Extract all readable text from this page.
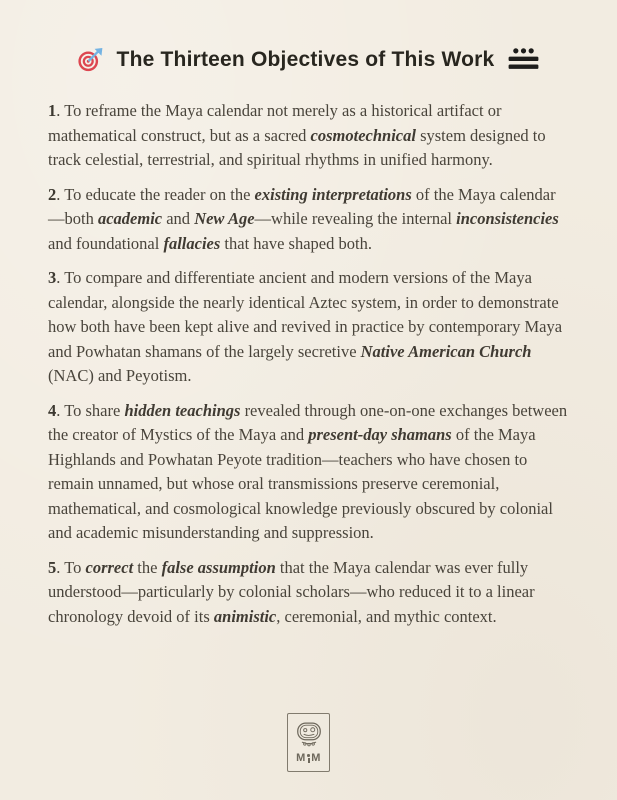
The Thirteen Objectives of This Work

1. To reframe the Maya calendar not merely as a historical artifact or mathematical construct, but as a sacred cosmotechnical system designed to track celestial, terrestrial, and spiritual rhythms in unified harmony.

2. To educate the reader on the existing interpretations of the Maya calendar—both academic and New Age—while revealing the internal inconsistencies and foundational fallacies that have shaped both.

3. To compare and differentiate ancient and modern versions of the Maya calendar, alongside the nearly identical Aztec system, in order to demonstrate how both have been kept alive and revived in practice by contemporary Maya and Powhatan shamans of the largely secretive Native American Church (NAC) and Peyotism.

4. To share hidden teachings revealed through one-on-one exchanges between the creator of Mystics of the Maya and present-day shamans of the Maya Highlands and Powhatan Peyote tradition—teachers who have chosen to remain unnamed, but whose oral transmissions preserve ceremonial, mathematical, and cosmological knowledge previously obscured by colonial and academic misunderstanding and suppression.

5. To correct the false assumption that the Maya calendar was ever fully understood—particularly by colonial scholars—who reduced it to a linear chronology devoid of its animistic, ceremonial, and mythic context.

M M
